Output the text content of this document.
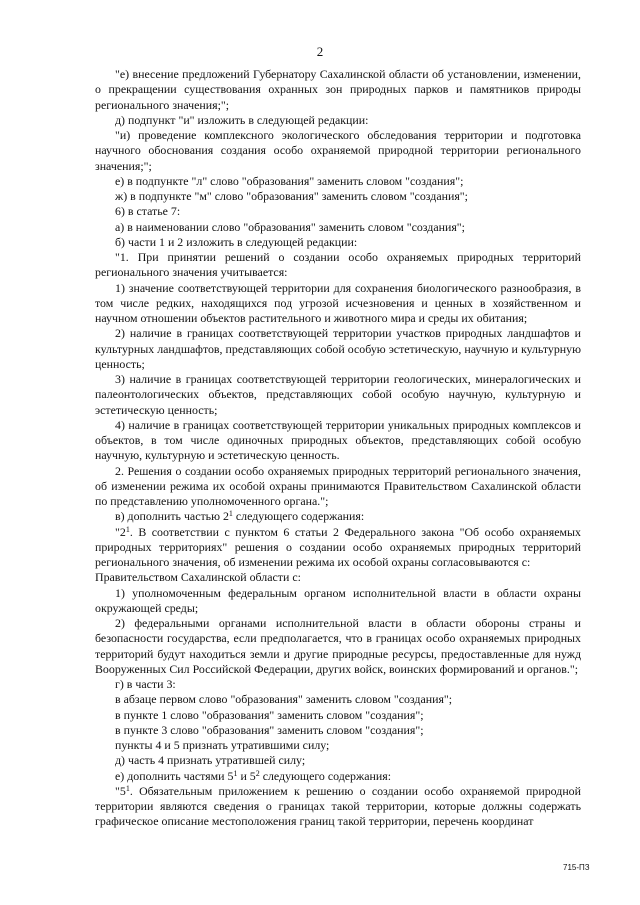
2

"е) внесение предложений Губернатору Сахалинской области об установлении, изменении, о прекращении существования охранных зон природных парков и памятников природы регионального значения;";

д) подпункт "и" изложить в следующей редакции:

"и) проведение комплексного экологического обследования территории и подготовка научного обоснования создания особо охраняемой природной территории регионального значения;";

е) в подпункте "л" слово "образования" заменить словом "создания";

ж) в подпункте "м" слово "образования" заменить словом "создания";

6) в статье 7:

а) в наименовании слово "образования" заменить словом "создания";

б) части 1 и 2 изложить в следующей редакции:

"1. При принятии решений о создании особо охраняемых природных территорий регионального значения учитывается:

1) значение соответствующей территории для сохранения биологического разнообразия, в том числе редких, находящихся под угрозой исчезновения и ценных в хозяйственном и научном отношении объектов растительного и животного мира и среды их обитания;

2) наличие в границах соответствующей территории участков природных ландшафтов и культурных ландшафтов, представляющих собой особую эстетическую, научную и культурную ценность;

3) наличие в границах соответствующей территории геологических, минералогических и палеонтологических объектов, представляющих собой особую научную, культурную и эстетическую ценность;

4) наличие в границах соответствующей территории уникальных природных комплексов и объектов, в том числе одиночных природных объектов, представляющих собой особую научную, культурную и эстетическую ценность.

2. Решения о создании особо охраняемых природных территорий регионального значения, об изменении режима их особой охраны принимаются Правительством Сахалинской области по представлению уполномоченного органа.";

в) дополнить частью $2^1$ следующего содержания:

"$2^1$. В соответствии с пунктом 6 статьи 2 Федерального закона "Об особо охраняемых природных территориях" решения о создании особо охраняемых природных территорий регионального значения, об изменении режима их особой охраны согласовываются с:

Правительством Сахалинской области с:

1) уполномоченным федеральным органом исполнительной власти в области охраны окружающей среды;

2) федеральными органами исполнительной власти в области обороны страны и безопасности государства, если предполагается, что в границах особо охраняемых природных территорий будут находиться земли и другие природные ресурсы, предоставленные для нужд Вооруженных Сил Российской Федерации, других войск, воинских формирований и органов.";

г) в части 3:

в абзаце первом слово "образования" заменить словом "создания";

в пункте 1 слово "образования" заменить словом "создания";

в пункте 3 слово "образования" заменить словом "создания";

пункты 4 и 5 признать утратившими силу;

д) часть 4 признать утратившей силу;

е) дополнить частями $5^1$ и $5^2$ следующего содержания:

"$5^1$. Обязательным приложением к решению о создании особо охраняемой природной территории являются сведения о границах такой территории, которые должны содержать графическое описание местоположения границ такой территории, перечень координат

715-ПЗ
